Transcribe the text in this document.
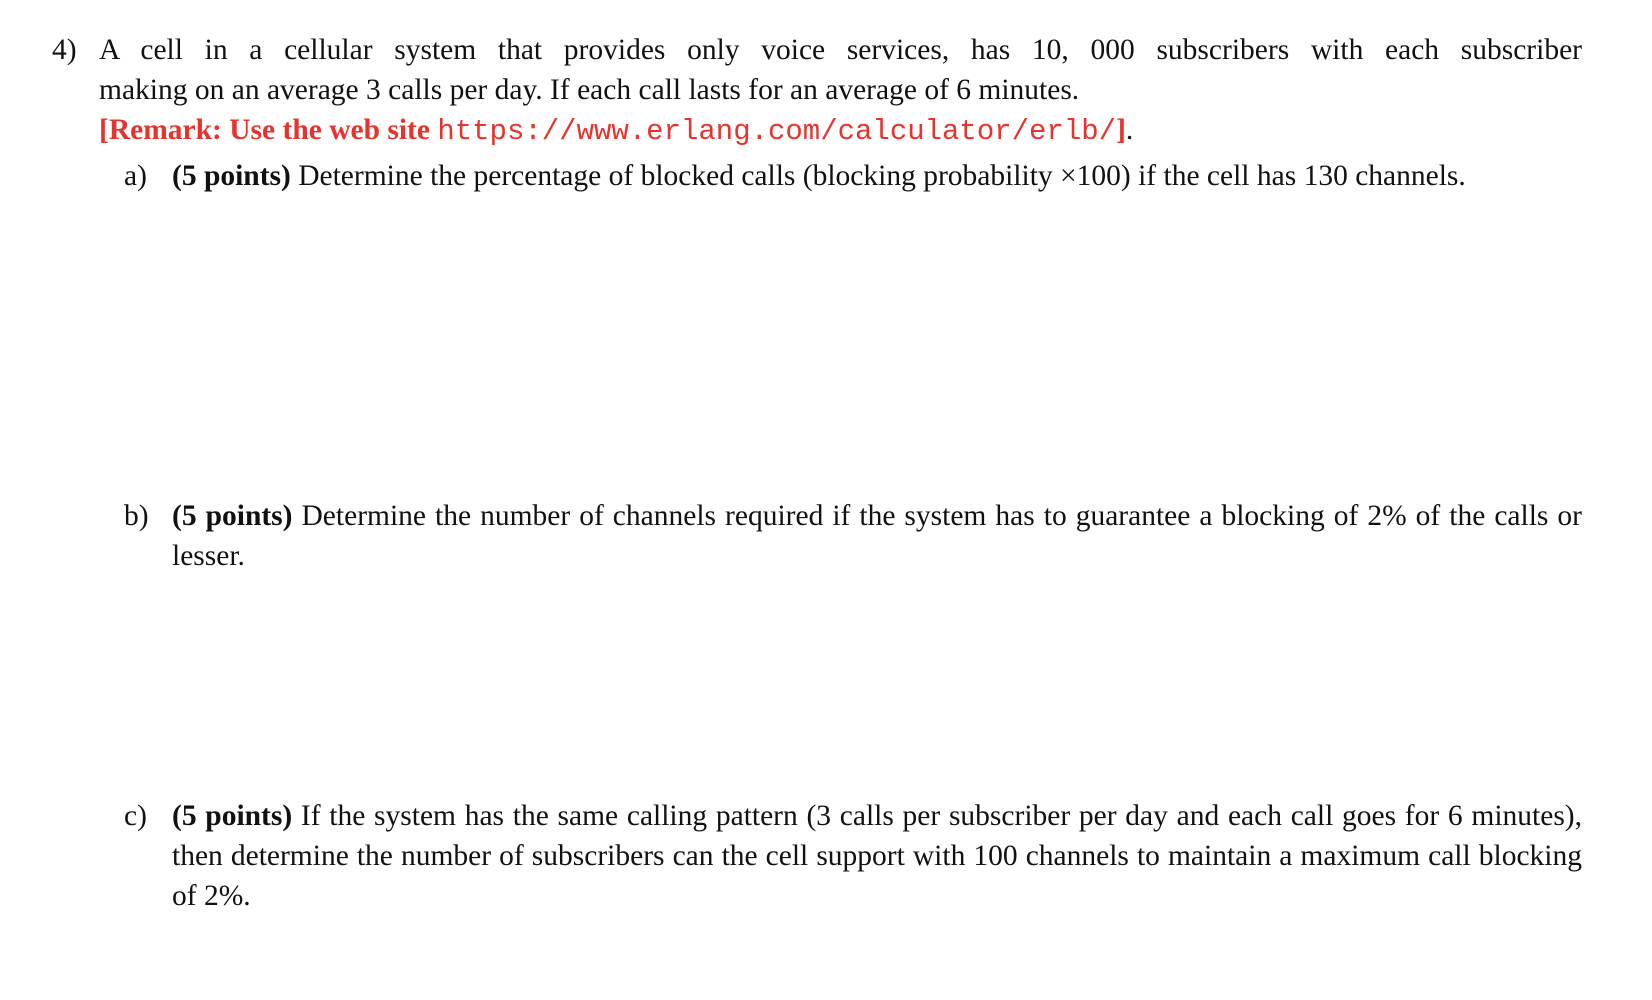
4) A cell in a cellular system that provides only voice services, has 10, 000 subscribers with each subscriber
making on an average 3 calls per day. If each call lasts for an average of 6 minutes.
[Remark: Use the web site https://www.erlang.com/calculator/erlb/].
a) (5 points) Determine the percentage of blocked calls (blocking probability ×100) if the cell has 130 channels.
b) (5 points) Determine the number of channels required if the system has to guarantee a blocking of 2% of the calls or lesser.
c) (5 points) If the system has the same calling pattern (3 calls per subscriber per day and each call goes for 6 minutes), then determine the number of subscribers can the cell support with 100 channels to maintain a maximum call blocking of 2%.
